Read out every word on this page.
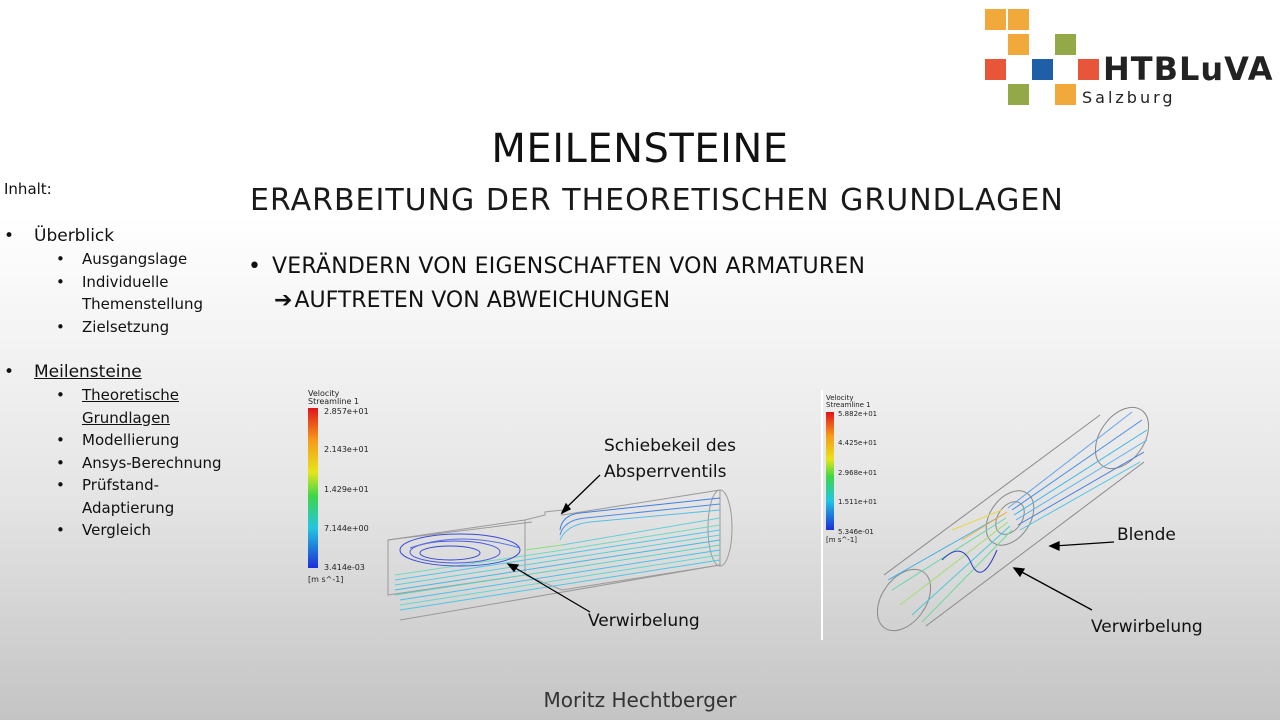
HTBLuVA
Salzburg
MEILENSTEINE
ERARBEITUNG DER THEORETISCHEN GRUNDLAGEN
• VERÄNDERN VON EIGENSCHAFTEN VON ARMATUREN
➔AUFTRETEN VON ABWEICHUNGEN
Inhalt:
• Überblick
• Ausgangslage
• Individuelle Themenstellung
• Zielsetzung
• Meilensteine
• Theoretische Grundlagen
• Modellierung
• Ansys-Berechnung
• Prüfstand-Adaptierung
• Vergleich
Velocity
Streamline 1
2.857e+01
2.143e+01
1.429e+01
7.144e+00
3.414e-03
[m s^-1]
Schiebekeil des Absperrventils
Verwirbelung
Velocity
Streamline 1
5.882e+01
4.425e+01
2.968e+01
1.511e+01
5.346e-01
[m s^-1]	Blende
Verwirbelung
Moritz Hechtberger
